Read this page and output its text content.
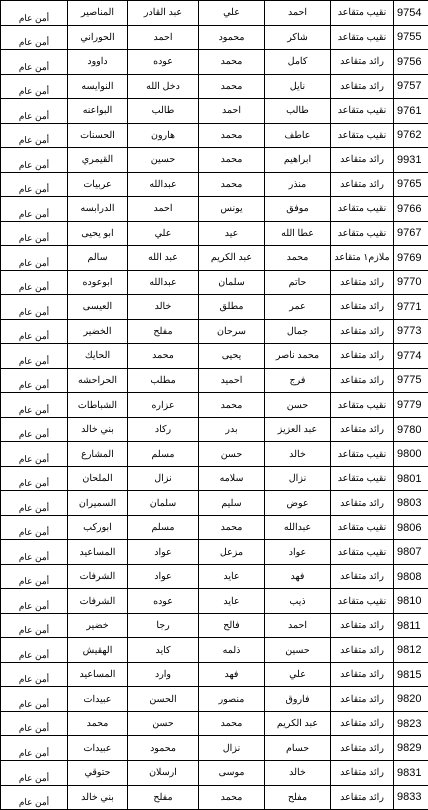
أمن عام	المناصير	عبد القادر	علي	احمد	نقيب متقاعد	9754
أمن عام	الحوراني	احمد	محمود	شاكر	نقيب متقاعد	9755
أمن عام	داوود	عوده	محمد	كامل	رائد متقاعد	9756
أمن عام	النوايسه	دخل الله	محمد	نايل	رائد متقاعد	9757
أمن عام	البواعنه	طالب	احمد	طالب	نقيب متقاعد	9761
أمن عام	الحسنات	هارون	محمد	عاطف	نقيب متقاعد	9762
أمن عام	القيمري	حسين	محمد	ابراهيم	رائد متقاعد	9931
أمن عام	عربيات	عبدالله	محمد	منذر	رائد متقاعد	9765
أمن عام	الدرابسه	احمد	يونس	موفق	نقيب متقاعد	9766
أمن عام	ابو يحيى	علي	عيد	عطا الله	نقيب متقاعد	9767
أمن عام	سالم	عبد الله	عبد الكريم	محمد	ملازم١ متقاعد	9769
أمن عام	ابوعوده	عبدالله	سلمان	حاتم	رائد متقاعد	9770
أمن عام	العيسى	خالد	مطلق	عمر	رائد متقاعد	9771
أمن عام	الخضير	مفلح	سرحان	جمال	رائد متقاعد	9773
أمن عام	الحايك	محمد	يحيى	محمد ناصر	رائد متقاعد	9774
أمن عام	الحراحشه	مطلب	احميد	فرج	رائد متقاعد	9775
أمن عام	الشباطات	عزاره	محمد	حسن	نقيب متقاعد	9779
أمن عام	بني خالد	ركاد	بدر	عبد العزيز	رائد متقاعد	9780
أمن عام	المشارع	مسلم	حسن	خالد	نقيب متقاعد	9800
أمن عام	الملحان	نزال	سلامه	نزال	نقيب متقاعد	9801
أمن عام	السميران	سلمان	سليم	عوض	رائد متقاعد	9803
أمن عام	ابوركب	مسلم	محمد	عبدالله	نقيب متقاعد	9806
أمن عام	المساعيد	عواد	مزعل	عواد	نقيب متقاعد	9807
أمن عام	الشرفات	عواد	عايد	فهد	رائد متقاعد	9808
أمن عام	الشرفات	عوده	عايد	ذيب	نقيب متقاعد	9810
أمن عام	خضير	رجا	فالح	احمد	رائد متقاعد	9811
أمن عام	الهقيش	كايد	ذلمه	حسين	رائد متقاعد	9812
أمن عام	المساعيد	وارد	فهد	علي	رائد متقاعد	9815
أمن عام	عبيدات	الحسن	منصور	فاروق	رائد متقاعد	9820
أمن عام	محمد	حسن	محمد	عبد الكريم	رائد متقاعد	9823
أمن عام	عبيدات	محمود	نزال	حسام	رائد متقاعد	9829
أمن عام	حتوقي	ارسلان	موسى	خالد	رائد متقاعد	9831
أمن عام	بني خالد	مفلح	محمد	مفلح	رائد متقاعد	9833
